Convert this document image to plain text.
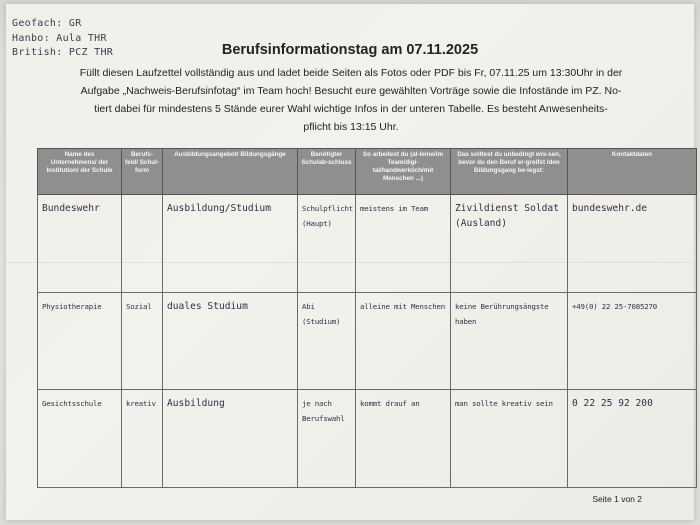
Geofach: GR
Hanbo: Aula THR
British: PCZ THR	Berufsinformationstag am 07.11.2025
Füllt diesen Laufzettel vollständig aus und ladet beide Seiten als Fotos oder PDF bis Fr, 07.11.25 um 13:30Uhr in der
Aufgabe „Nachweis-Berufsinfotag“ im Team hoch! Besucht eure gewählten Vorträge sowie die Infostände im PZ. No-
tiert dabei für mindestens 5 Stände eurer Wahl wichtige Infos in der unteren Tabelle. Es besteht Anwesenheits-
pflicht bis 13:15 Uhr.
Name des Unternehmens/ der Institution/ der Schule	Berufs-feld/ Schul-form	Ausbildungsangebot/ Bildungsgänge	Benötigter Schulab-schluss	So arbeitest du (al-leine/im Team/digi-tal/handwerklich/mit Menschen ...)	Das solltest du unbedingt wis-sen, bevor du den Beruf er-greifst /den Bildungsgang be-legst:	Kontaktdaten
Bundeswehr		Ausbildung/Studium	Schulpflicht (Haupt)	meistens im Team	Zivildienst Soldat (Ausland)	bundeswehr.de
Physiotherapie	Sozial	duales Studium	Abi (Studium)	alleine mit Menschen	keine Berührungsängste haben	+49(0) 22 25-7085270
Gesichtsschule	kreativ	Ausbildung	je nach Berufswahl	kommt drauf an	man sollte kreativ sein	0 22 25 92 200
Seite 1 von 2
